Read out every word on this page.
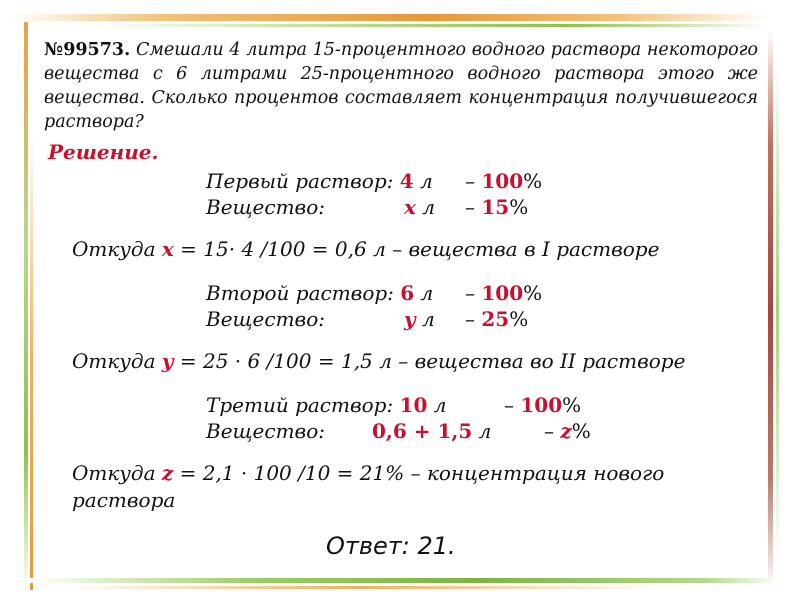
№99573. Смешали 4 литра 15-процентного водного раствора некоторого вещества с 6 литрами 25-процентного водного раствора этого же вещества. Сколько процентов составляет концентрация получившегося раствора?
Решение.
Первый раствор: 4 л – 100%
Вещество:	x л – 15%
Откуда x = 15· 4 /100 = 0,6 л – вещества в I растворе
Второй раствор: 6 л – 100%
Вещество:	y л – 25%
Откуда y = 25 · 6 /100 = 1,5 л – вещества во II растворе
Третий раствор: 10 л	– 100%
Вещество: 0,6 + 1,5 л	– z%
Откуда z = 2,1 · 100 /10 = 21% – концентрация нового
раствора
Ответ: 21.
